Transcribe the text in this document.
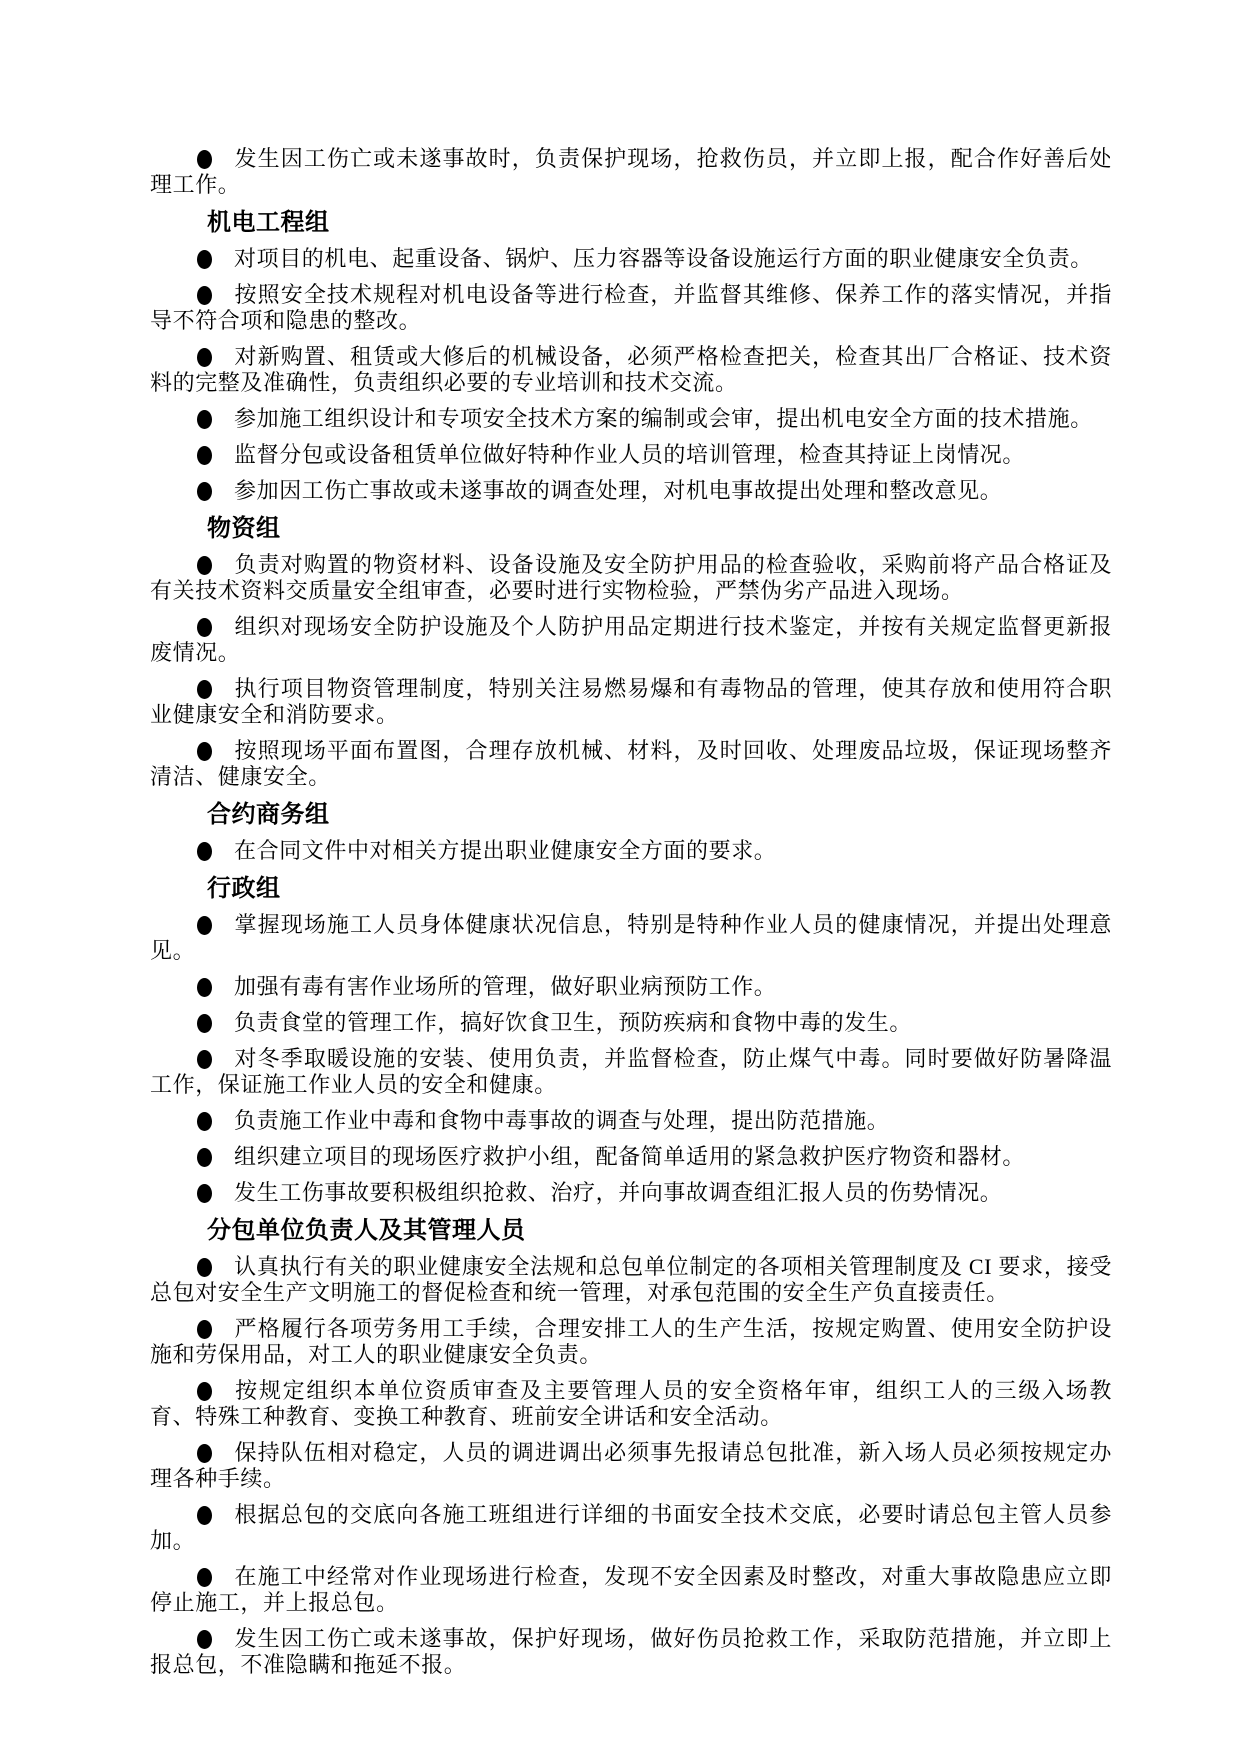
发生因工伤亡或未遂事故时，负责保护现场，抢救伤员，并立即上报，配合作好善后处理工作。

机电工程组

对项目的机电、起重设备、锅炉、压力容器等设备设施运行方面的职业健康安全负责。

按照安全技术规程对机电设备等进行检查，并监督其维修、保养工作的落实情况，并指导不符合项和隐患的整改。

对新购置、租赁或大修后的机械设备，必须严格检查把关，检查其出厂合格证、技术资料的完整及准确性，负责组织必要的专业培训和技术交流。

参加施工组织设计和专项安全技术方案的编制或会审，提出机电安全方面的技术措施。

监督分包或设备租赁单位做好特种作业人员的培训管理，检查其持证上岗情况。

参加因工伤亡事故或未遂事故的调查处理，对机电事故提出处理和整改意见。

物资组

负责对购置的物资材料、设备设施及安全防护用品的检查验收，采购前将产品合格证及有关技术资料交质量安全组审查，必要时进行实物检验，严禁伪劣产品进入现场。

组织对现场安全防护设施及个人防护用品定期进行技术鉴定，并按有关规定监督更新报废情况。

执行项目物资管理制度，特别关注易燃易爆和有毒物品的管理，使其存放和使用符合职业健康安全和消防要求。

按照现场平面布置图，合理存放机械、材料，及时回收、处理废品垃圾，保证现场整齐清洁、健康安全。

合约商务组

在合同文件中对相关方提出职业健康安全方面的要求。

行政组

掌握现场施工人员身体健康状况信息，特别是特种作业人员的健康情况，并提出处理意见。

加强有毒有害作业场所的管理，做好职业病预防工作。

负责食堂的管理工作，搞好饮食卫生，预防疾病和食物中毒的发生。

对冬季取暖设施的安装、使用负责，并监督检查，防止煤气中毒。同时要做好防暑降温工作，保证施工作业人员的安全和健康。

负责施工作业中毒和食物中毒事故的调查与处理，提出防范措施。

组织建立项目的现场医疗救护小组，配备简单适用的紧急救护医疗物资和器材。

发生工伤事故要积极组织抢救、治疗，并向事故调查组汇报人员的伤势情况。

分包单位负责人及其管理人员

认真执行有关的职业健康安全法规和总包单位制定的各项相关管理制度及 CI 要求，接受总包对安全生产文明施工的督促检查和统一管理，对承包范围的安全生产负直接责任。

严格履行各项劳务用工手续，合理安排工人的生产生活，按规定购置、使用安全防护设施和劳保用品，对工人的职业健康安全负责。

按规定组织本单位资质审查及主要管理人员的安全资格年审，组织工人的三级入场教育、特殊工种教育、变换工种教育、班前安全讲话和安全活动。

保持队伍相对稳定，人员的调进调出必须事先报请总包批准，新入场人员必须按规定办理各种手续。

根据总包的交底向各施工班组进行详细的书面安全技术交底，必要时请总包主管人员参加。

在施工中经常对作业现场进行检查，发现不安全因素及时整改，对重大事故隐患应立即停止施工，并上报总包。

发生因工伤亡或未遂事故，保护好现场，做好伤员抢救工作，采取防范措施，并立即上报总包，不准隐瞒和拖延不报。
